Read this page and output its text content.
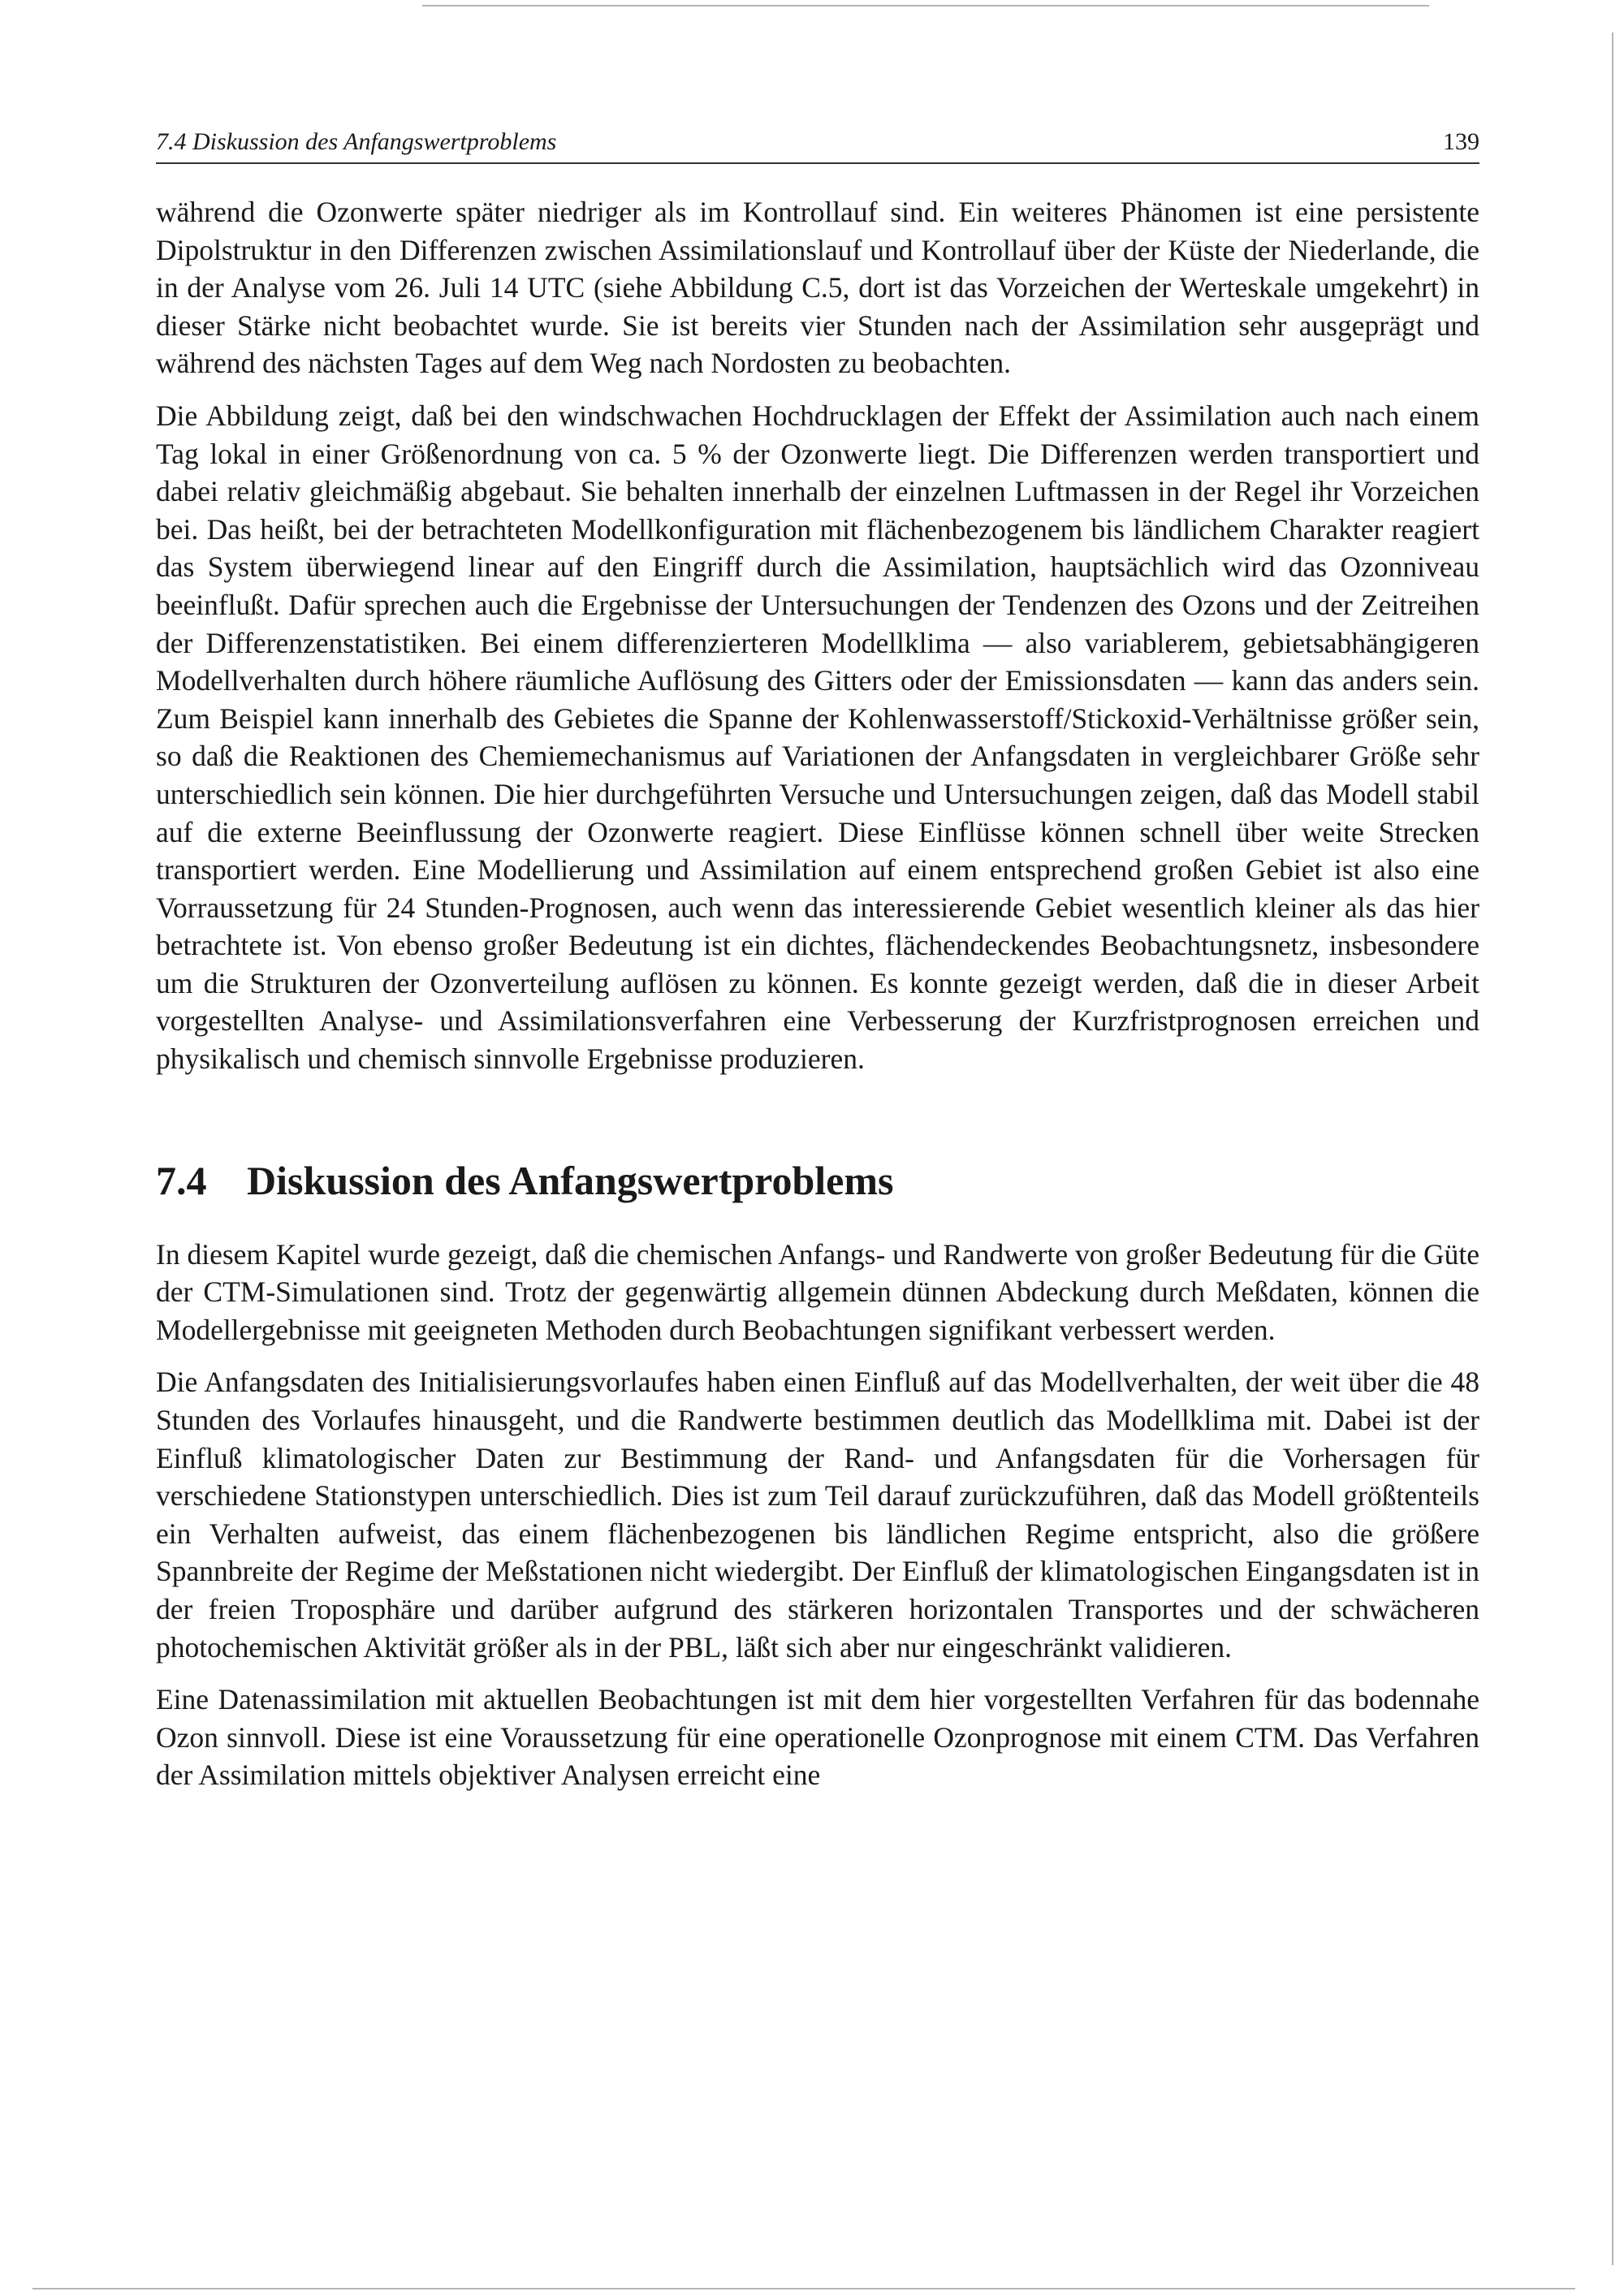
7.4 Diskussion des Anfangswertproblems	139

während die Ozonwerte später niedriger als im Kontrollauf sind. Ein weiteres Phänomen ist eine persistente Dipolstruktur in den Differenzen zwischen Assimilationslauf und Kontrollauf über der Küste der Niederlande, die in der Analyse vom 26. Juli 14 UTC (siehe Abbildung C.5, dort ist das Vorzeichen der Werteskale umgekehrt) in dieser Stärke nicht beobachtet wurde. Sie ist bereits vier Stunden nach der Assimilation sehr ausgeprägt und während des nächsten Tages auf dem Weg nach Nordosten zu beobachten.

Die Abbildung zeigt, daß bei den windschwachen Hochdrucklagen der Effekt der Assimilation auch nach einem Tag lokal in einer Größenordnung von ca. 5 % der Ozonwerte liegt. Die Differenzen werden transportiert und dabei relativ gleichmäßig abgebaut. Sie behalten innerhalb der einzelnen Luftmassen in der Regel ihr Vorzeichen bei. Das heißt, bei der betrachteten Modellkonfiguration mit flächenbezogenem bis ländlichem Charakter reagiert das System überwiegend linear auf den Eingriff durch die Assimilation, hauptsächlich wird das Ozonniveau beeinflußt. Dafür sprechen auch die Ergebnisse der Untersuchungen der Tendenzen des Ozons und der Zeitreihen der Differenzenstatistiken. Bei einem differenzierteren Modellklima — also variablerem, gebietsabhängigeren Modellverhalten durch höhere räumliche Auflösung des Gitters oder der Emissionsdaten — kann das anders sein. Zum Beispiel kann innerhalb des Gebietes die Spanne der Kohlenwasserstoff/Stickoxid-Verhältnisse größer sein, so daß die Reaktionen des Chemiemechanismus auf Variationen der Anfangsdaten in vergleichbarer Größe sehr unterschiedlich sein können. Die hier durchgeführten Versuche und Untersuchungen zeigen, daß das Modell stabil auf die externe Beeinflussung der Ozonwerte reagiert. Diese Einflüsse können schnell über weite Strecken transportiert werden. Eine Modellierung und Assimilation auf einem entsprechend großen Gebiet ist also eine Vorraussetzung für 24 Stunden-Prognosen, auch wenn das interessierende Gebiet wesentlich kleiner als das hier betrachtete ist. Von ebenso großer Bedeutung ist ein dichtes, flächendeckendes Beobachtungsnetz, insbesondere um die Strukturen der Ozonverteilung auflösen zu können. Es konnte gezeigt werden, daß die in dieser Arbeit vorgestellten Analyse- und Assimilationsverfahren eine Verbesserung der Kurzfristprognosen erreichen und physikalisch und chemisch sinnvolle Ergebnisse produzieren.

7.4 Diskussion des Anfangswertproblems

In diesem Kapitel wurde gezeigt, daß die chemischen Anfangs- und Randwerte von großer Bedeutung für die Güte der CTM-Simulationen sind. Trotz der gegenwärtig allgemein dünnen Abdeckung durch Meßdaten, können die Modellergebnisse mit geeigneten Methoden durch Beobachtungen signifikant verbessert werden.

Die Anfangsdaten des Initialisierungsvorlaufes haben einen Einfluß auf das Modellverhalten, der weit über die 48 Stunden des Vorlaufes hinausgeht, und die Randwerte bestimmen deutlich das Modellklima mit. Dabei ist der Einfluß klimatologischer Daten zur Bestimmung der Rand- und Anfangsdaten für die Vorhersagen für verschiedene Stationstypen unterschiedlich. Dies ist zum Teil darauf zurückzuführen, daß das Modell größtenteils ein Verhalten aufweist, das einem flächenbezogenen bis ländlichen Regime entspricht, also die größere Spannbreite der Regime der Meßstationen nicht wiedergibt. Der Einfluß der klimatologischen Eingangsdaten ist in der freien Troposphäre und darüber aufgrund des stärkeren horizontalen Transportes und der schwächeren photochemischen Aktivität größer als in der PBL, läßt sich aber nur eingeschränkt validieren.

Eine Datenassimilation mit aktuellen Beobachtungen ist mit dem hier vorgestellten Verfahren für das bodennahe Ozon sinnvoll. Diese ist eine Voraussetzung für eine operationelle Ozonprognose mit einem CTM. Das Verfahren der Assimilation mittels objektiver Analysen erreicht eine
